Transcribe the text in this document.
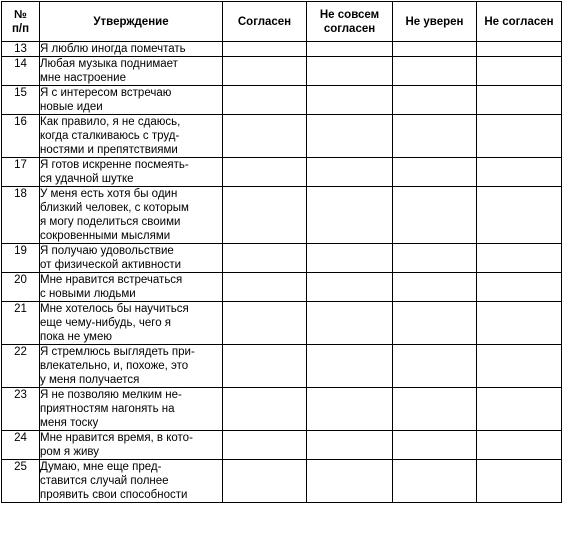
№
п/п	Утверждение	Согласен	Не совсем
согласен	Не уверен	Не согласен
13	Я люблю иногда помечтать				

14	Любая музыка поднимает
мне настроение				

15	Я с интересом встречаю
новые идеи				

16	Как правило, я не сдаюсь,
когда сталкиваюсь с труд-
ностями и препятствиями				

17	Я готов искренне посмеять-
ся удачной шутке				

18	У меня есть хотя бы один
близкий человек, с которым
я могу поделиться своими
сокровенными мыслями				

19	Я получаю удовольствие
от физической активности				

20	Мне нравится встречаться
с новыми людьми				

21	Мне хотелось бы научиться
еще чему-нибудь, чего я
пока не умею				

22	Я стремлюсь выглядеть при-
влекательно, и, похоже, это
у меня получается				

23	Я не позволяю мелким не-
приятностям нагонять на
меня тоску				

24	Мне нравится время, в кото-
ром я живу				

25	Думаю, мне еще пред-
ставится случай полнее
проявить свои способности				
